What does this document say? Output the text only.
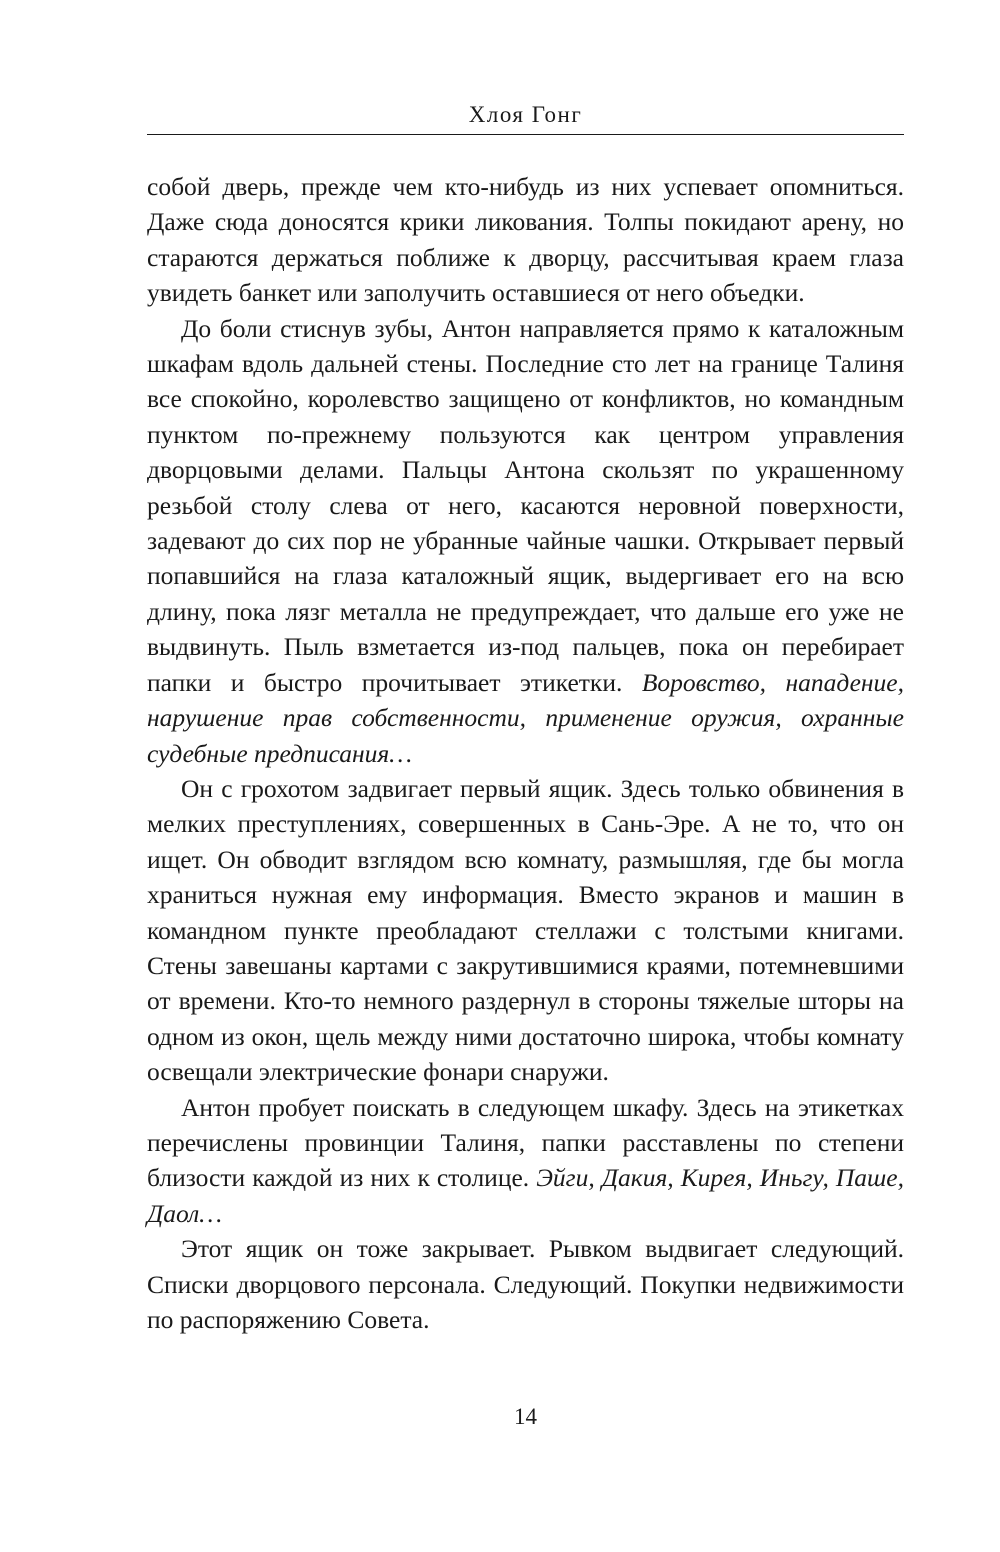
Хлоя Гонг

собой дверь, прежде чем кто-нибудь из них успевает опомниться. Даже сюда доносятся крики ликования. Толпы покидают арену, но стараются держаться поближе к дворцу, рассчитывая краем глаза увидеть банкет или заполучить оставшиеся от него объедки.

До боли стиснув зубы, Антон направляется прямо к каталожным шкафам вдоль дальней стены. Последние сто лет на границе Талиня все спокойно, королевство защищено от конфликтов, но командным пунктом по-прежнему пользуются как центром управления дворцовыми делами. Пальцы Антона скользят по украшенному резьбой столу слева от него, касаются неровной поверхности, задевают до сих пор не убранные чайные чашки. Открывает первый попавшийся на глаза каталожный ящик, выдергивает его на всю длину, пока лязг металла не предупреждает, что дальше его уже не выдвинуть. Пыль взметается из-под пальцев, пока он перебирает папки и быстро прочитывает этикетки. Воровство, нападение, нарушение прав собственности, применение оружия, охранные судебные предписания…

Он с грохотом задвигает первый ящик. Здесь только обвинения в мелких преступлениях, совершенных в Сань-Эре. А не то, что он ищет. Он обводит взглядом всю комнату, размышляя, где бы могла храниться нужная ему информация. Вместо экранов и машин в командном пункте преобладают стеллажи с толстыми книгами. Стены завешаны картами с закрутившимися краями, потемневшими от времени. Кто-то немного раздернул в стороны тяжелые шторы на одном из окон, щель между ними достаточно широка, чтобы комнату освещали электрические фонари снаружи.

Антон пробует поискать в следующем шкафу. Здесь на этикетках перечислены провинции Талиня, папки расставлены по степени близости каждой из них к столице. Эйги, Дакия, Кирея, Иньгу, Паше, Даол…

Этот ящик он тоже закрывает. Рывком выдвигает следующий. Списки дворцового персонала. Следующий. Покупки недвижимости по распоряжению Совета.

14
